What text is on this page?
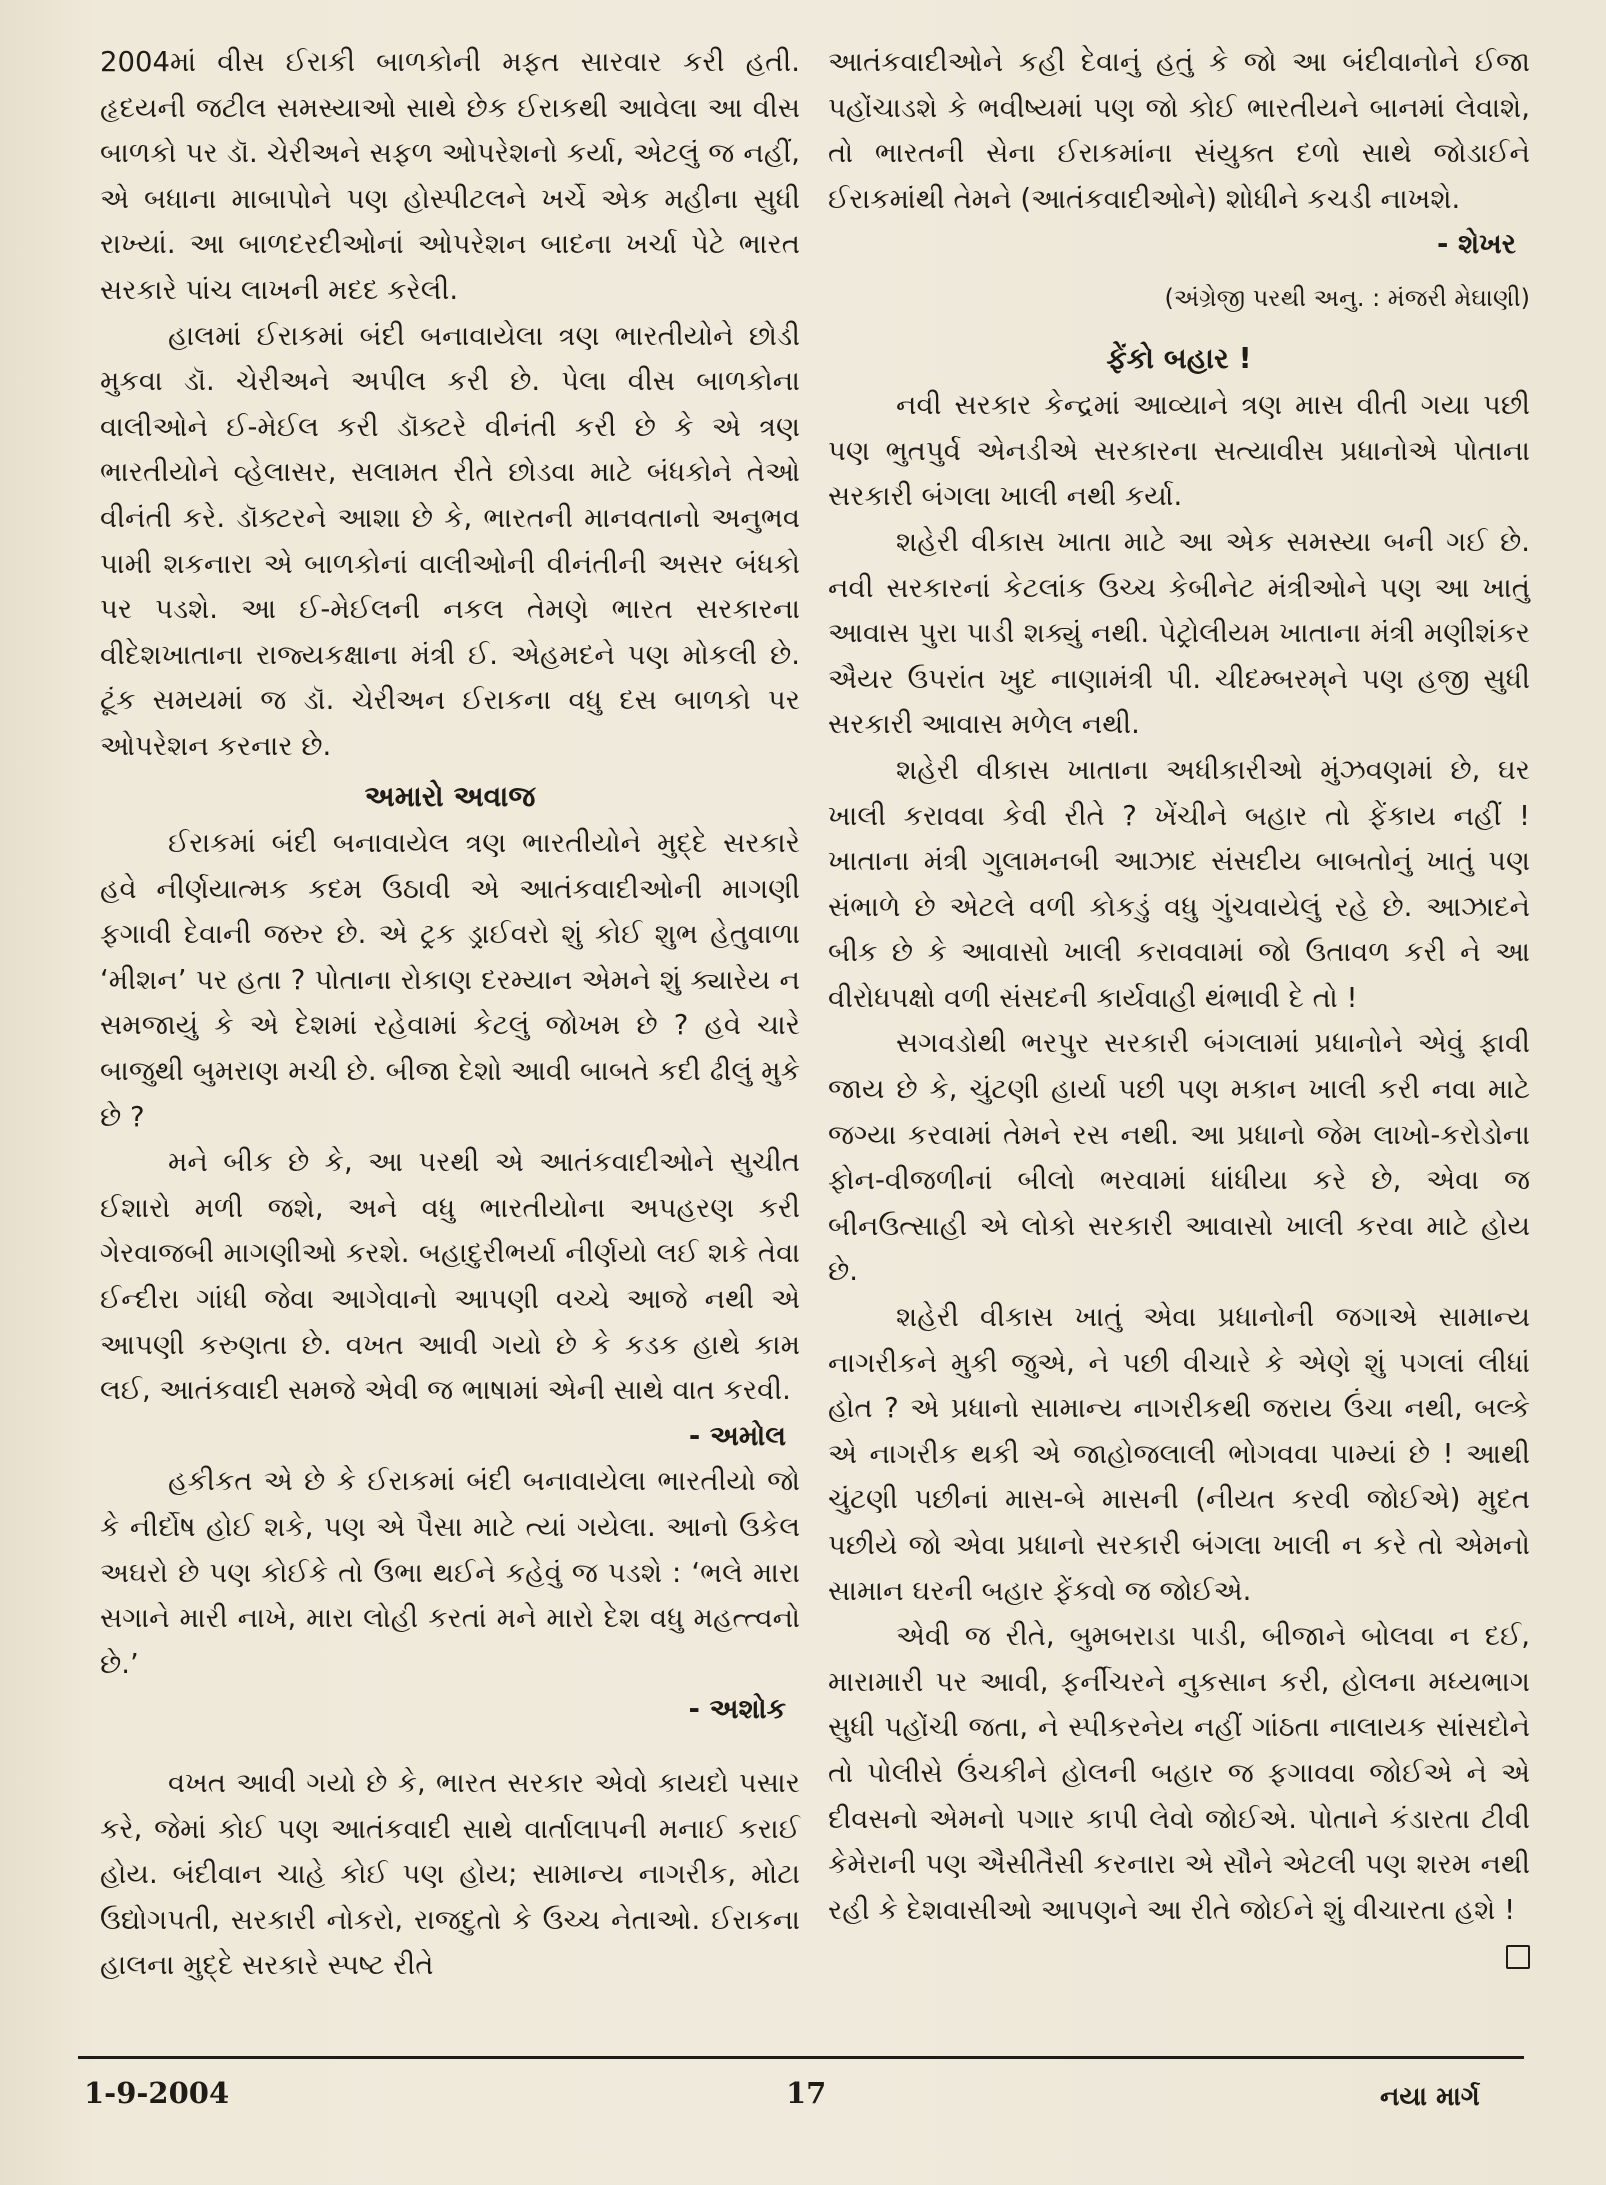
2004માં વીસ ઈરાકી બાળકોની મફત સારવાર કરી હતી. હૃદયની જટીલ સમસ્યાઓ સાથે છેક ઈરાકથી આવેલા આ વીસ બાળકો પર ડૉ. ચેરીઅને સફળ ઓપરેશનો કર્યા, એટલું જ નહીં, એ બધાના માબાપોને પણ હોસ્પીટલને ખર્ચે એક મહીના સુધી રાખ્યાં. આ બાળદરદીઓનાં ઓપરેશન બાદના ખર્ચા પેટે ભારત સરકારે પાંચ લાખની મદદ કરેલી.

હાલમાં ઈરાકમાં બંદી બનાવાયેલા ત્રણ ભારતીયોને છોડી મુકવા ડૉ. ચેરીઅને અપીલ કરી છે. પેલા વીસ બાળકોના વાલીઓને ઈ-મેઈલ કરી ડૉક્ટરે વીનંતી કરી છે કે એ ત્રણ ભારતીયોને વ્હેલાસર, સલામત રીતે છોડવા માટે બંધકોને તેઓ વીનંતી કરે. ડૉક્ટરને આશા છે કે, ભારતની માનવતાનો અનુભવ પામી શકનારા એ બાળકોનાં વાલીઓની વીનંતીની અસર બંધકો પર પડશે. આ ઈ-મેઈલની નકલ તેમણે ભારત સરકારના વીદેશખાતાના રાજ્યકક્ષાના મંત્રી ઈ. એહમદને પણ મોકલી છે. ટૂંક સમયમાં જ ડૉ. ચેરીઅન ઈરાકના વધુ દસ બાળકો પર ઓપરેશન કરનાર છે.

અમારો અવાજ

ઈરાકમાં બંદી બનાવાયેલ ત્રણ ભારતીયોને મુદ્દે સરકારે હવે નીર્ણયાત્મક કદમ ઉઠાવી એ આતંકવાદીઓની માગણી ફગાવી દેવાની જરુર છે. એ ટ્રક ડ્રાઈવરો શું કોઈ શુભ હેતુવાળા ‘મીશન’ પર હતા ? પોતાના રોકાણ દરમ્યાન એમને શું ક્યારેય ન સમજાયું કે એ દેશમાં રહેવામાં કેટલું જોખમ છે ? હવે ચારે બાજુથી બુમરાણ મચી છે. બીજા દેશો આવી બાબતે કદી ઢીલું મુકે છે ?

મને બીક છે કે, આ પરથી એ આતંકવાદીઓને સુચીત ઈશારો મળી જશે, અને વધુ ભારતીયોના અપહરણ કરી ગેરવાજબી માગણીઓ કરશે. બહાદુરીભર્યા નીર્ણયો લઈ શકે તેવા ઈન્દીરા ગાંધી જેવા આગેવાનો આપણી વચ્ચે આજે નથી એ આપણી કરુણતા છે. વખત આવી ગયો છે કે કડક હાથે કામ લઈ, આતંકવાદી સમજે એવી જ ભાષામાં એની સાથે વાત કરવી.

- અમોલ

હકીકત એ છે કે ઈરાકમાં બંદી બનાવાયેલા ભારતીયો જો કે નીર્દોષ હોઈ શકે, પણ એ પૈસા માટે ત્યાં ગયેલા. આનો ઉકેલ અઘરો છે પણ કોઈકે તો ઉભા થઈને કહેવું જ પડશે : ‘ભલે મારા સગાને મારી નાખે, મારા લોહી કરતાં મને મારો દેશ વધુ મહત્ત્વનો છે.’

- અશોક

વખત આવી ગયો છે કે, ભારત સરકાર એવો કાયદો પસાર કરે, જેમાં કોઈ પણ આતંકવાદી સાથે વાર્તાલાપની મનાઈ કરાઈ હોય. બંદીવાન ચાહે કોઈ પણ હોય; સામાન્ય નાગરીક, મોટા ઉદ્યોગપતી, સરકારી નોકરો, રાજદુતો કે ઉચ્ચ નેતાઓ. ઈરાકના હાલના મુદ્દે સરકારે સ્પષ્ટ રીતે

આતંકવાદીઓને કહી દેવાનું હતું કે જો આ બંદીવાનોને ઈજા પહોંચાડશે કે ભવીષ્યમાં પણ જો કોઈ ભારતીયને બાનમાં લેવાશે, તો ભારતની સેના ઈરાકમાંના સંયુક્ત દળો સાથે જોડાઈને ઈરાકમાંથી તેમને (આતંકવાદીઓને) શોધીને કચડી નાખશે.

- શેખર
(અંગ્રેજી પરથી અનુ. : મંજરી મેઘાણી)
ફેંકો બહાર !

નવી સરકાર કેન્દ્રમાં આવ્યાને ત્રણ માસ વીતી ગયા પછી પણ ભુતપુર્વ એનડીએ સરકારના સત્યાવીસ પ્રધાનોએ પોતાના સરકારી બંગલા ખાલી નથી કર્યા.

શહેરી વીકાસ ખાતા માટે આ એક સમસ્યા બની ગઈ છે. નવી સરકારનાં કેટલાંક ઉચ્ચ કેબીનેટ મંત્રીઓને પણ આ ખાતું આવાસ પુરા પાડી શક્યું નથી. પેટ્રોલીયમ ખાતાના મંત્રી મણીશંકર ઐયર ઉપરાંત ખુદ નાણામંત્રી પી. ચીદમ્બરમ્‌ને પણ હજી સુધી સરકારી આવાસ મળેલ નથી.

શહેરી વીકાસ ખાતાના અધીકારીઓ મુંઝવણમાં છે, ઘર ખાલી કરાવવા કેવી રીતે ? ખેંચીને બહાર તો ફેંકાય નહીં ! ખાતાના મંત્રી ગુલામનબી આઝાદ સંસદીય બાબતોનું ખાતું પણ સંભાળે છે એટલે વળી કોકડું વધુ ગુંચવાયેલું રહે છે. આઝાદને બીક છે કે આવાસો ખાલી કરાવવામાં જો ઉતાવળ કરી ને આ વીરોધપક્ષો વળી સંસદની કાર્યવાહી થંભાવી દે તો !

સગવડોથી ભરપુર સરકારી બંગલામાં પ્રધાનોને એવું ફાવી જાય છે કે, ચુંટણી હાર્યા પછી પણ મકાન ખાલી કરી નવા માટે જગ્યા કરવામાં તેમને રસ નથી. આ પ્રધાનો જેમ લાખો-કરોડોના ફોન-વીજળીનાં બીલો ભરવામાં ધાંધીયા કરે છે, એવા જ બીનઉત્સાહી એ લોકો સરકારી આવાસો ખાલી કરવા માટે હોય છે.

શહેરી વીકાસ ખાતું એવા પ્રધાનોની જગાએ સામાન્ય નાગરીકને મુકી જુએ, ને પછી વીચારે કે એણે શું પગલાં લીધાં હોત ? એ પ્રધાનો સામાન્ય નાગરીકથી જરાય ઉંચા નથી, બલ્કે એ નાગરીક થકી એ જાહોજલાલી ભોગવવા પામ્યાં છે ! આથી ચુંટણી પછીનાં માસ-બે માસની (નીયત કરવી જોઈએ) મુદત પછીયે જો એવા પ્રધાનો સરકારી બંગલા ખાલી ન કરે તો એમનો સામાન ઘરની બહાર ફેંકવો જ જોઈએ.

એવી જ રીતે, બુમબરાડા પાડી, બીજાને બોલવા ન દઈ, મારામારી પર આવી, ફર્નીચરને નુકસાન કરી, હોલના મધ્યભાગ સુધી પહોંચી જતા, ને સ્પીકરનેય નહીં ગાંઠતા નાલાયક સાંસદોને તો પોલીસે ઉંચકીને હોલની બહાર જ ફગાવવા જોઈએ ને એ દીવસનો એમનો પગાર કાપી લેવો જોઈએ. પોતાને કંડારતા ટીવી કેમેરાની પણ ઐસીતૈસી કરનારા એ સૌને એટલી પણ શરમ નથી રહી કે દેશવાસીઓ આપણને આ રીતે જોઈને શું વીચારતા હશે !

1-9-2004	17	નયા માર્ગ
